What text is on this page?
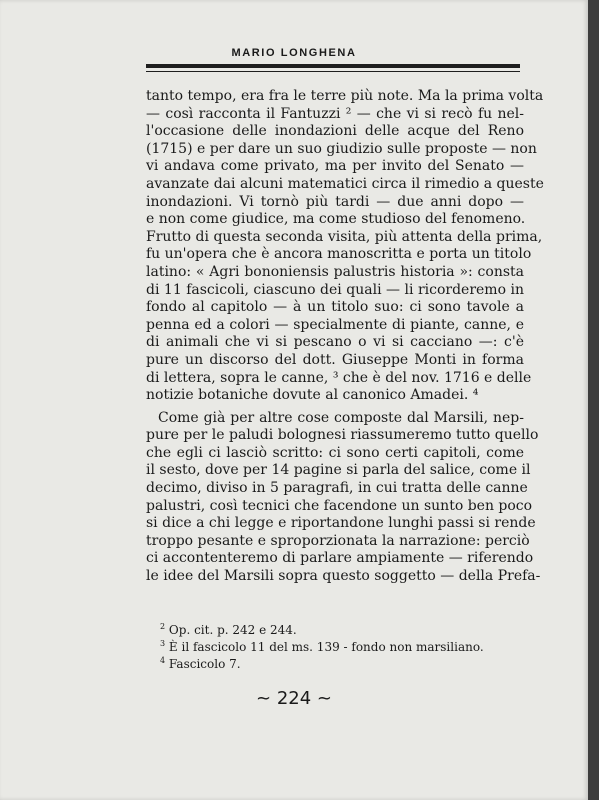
MARIO LONGHENA

tanto tempo, era fra le terre più note. Ma la prima volta
— così racconta il Fantuzzi ² — che vi si recò fu nel-
l'occasione delle inondazioni delle acque del Reno
(1715) e per dare un suo giudizio sulle proposte — non
vi andava come privato, ma per invito del Senato —
avanzate dai alcuni matematici circa il rimedio a queste
inondazioni. Vi tornò più tardi — due anni dopo —
e non come giudice, ma come studioso del fenomeno.
Frutto di questa seconda visita, più attenta della prima,
fu un'opera che è ancora manoscritta e porta un titolo
latino: « Agri bononiensis palustris historia »: consta
di 11 fascicoli, ciascuno dei quali — li ricorderemo in
fondo al capitolo — à un titolo suo: ci sono tavole a
penna ed a colori — specialmente di piante, canne, e
di animali che vi si pescano o vi si cacciano —: c'è
pure un discorso del dott. Giuseppe Monti in forma
di lettera, sopra le canne, ³ che è del nov. 1716 e delle
notizie botaniche dovute al canonico Amadei. ⁴

Come già per altre cose composte dal Marsili, nep-
pure per le paludi bolognesi riassumeremo tutto quello
che egli ci lasciò scritto: ci sono certi capitoli, come
il sesto, dove per 14 pagine si parla del salice, come il
decimo, diviso in 5 paragrafi, in cui tratta delle canne
palustri, così tecnici che facendone un sunto ben poco
si dice a chi legge e riportandone lunghi passi si rende
troppo pesante e sproporzionata la narrazione: perciò
ci accontenteremo di parlare ampiamente — riferendo
le idee del Marsili sopra questo soggetto — della Prefa-

$^2$ Op. cit. p. 242 e 244.
$^3$ È il fascicolo 11 del ms. 139 - fondo non marsiliano.
$^4$ Fascicolo 7.
~ 224 ~
